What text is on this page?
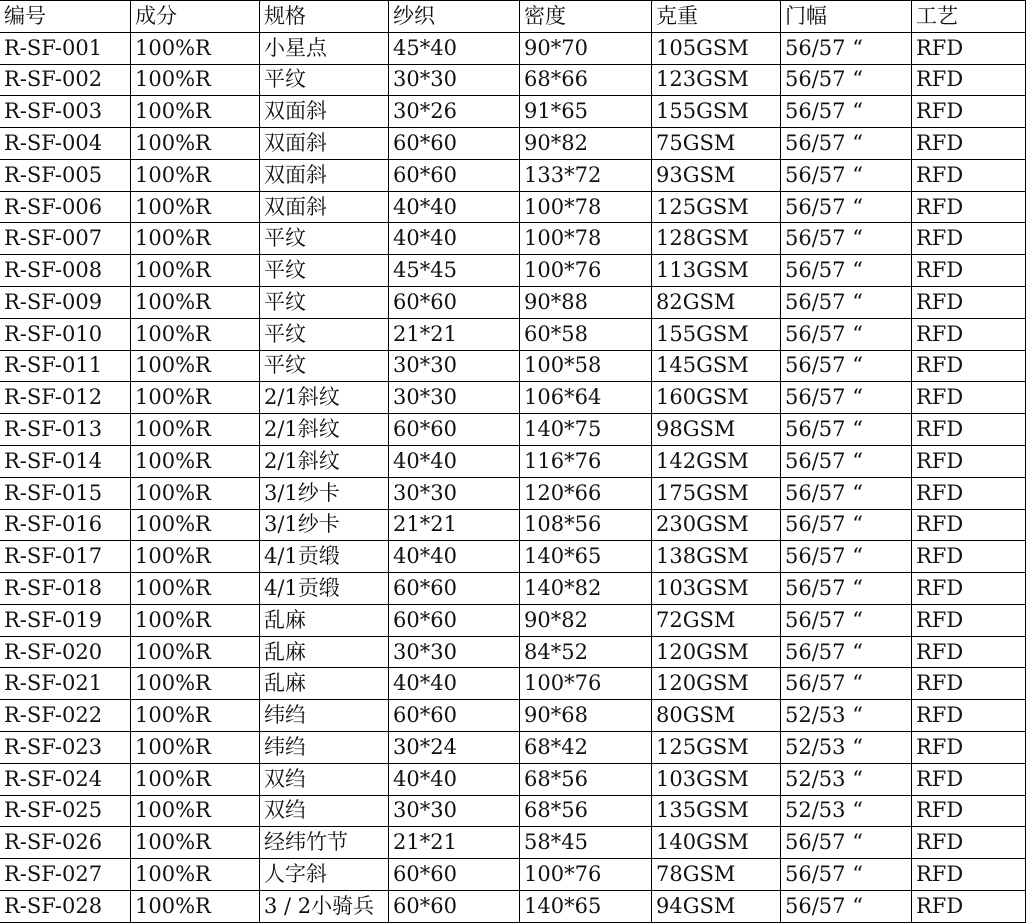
编号	成分	规格	纱织	密度	克重	门幅	工艺
R-SF-001	100%R	小星点	45*40	90*70	105GSM	56/57 “	RFD
R-SF-002	100%R	平纹	30*30	68*66	123GSM	56/57 “	RFD
R-SF-003	100%R	双面斜	30*26	91*65	155GSM	56/57 “	RFD
R-SF-004	100%R	双面斜	60*60	90*82	75GSM	56/57 “	RFD
R-SF-005	100%R	双面斜	60*60	133*72	93GSM	56/57 “	RFD
R-SF-006	100%R	双面斜	40*40	100*78	125GSM	56/57 “	RFD
R-SF-007	100%R	平纹	40*40	100*78	128GSM	56/57 “	RFD
R-SF-008	100%R	平纹	45*45	100*76	113GSM	56/57 “	RFD
R-SF-009	100%R	平纹	60*60	90*88	82GSM	56/57 “	RFD
R-SF-010	100%R	平纹	21*21	60*58	155GSM	56/57 “	RFD
R-SF-011	100%R	平纹	30*30	100*58	145GSM	56/57 “	RFD
R-SF-012	100%R	2/1斜纹	30*30	106*64	160GSM	56/57 “	RFD
R-SF-013	100%R	2/1斜纹	60*60	140*75	98GSM	56/57 “	RFD
R-SF-014	100%R	2/1斜纹	40*40	116*76	142GSM	56/57 “	RFD
R-SF-015	100%R	3/1纱卡	30*30	120*66	175GSM	56/57 “	RFD
R-SF-016	100%R	3/1纱卡	21*21	108*56	230GSM	56/57 “	RFD
R-SF-017	100%R	4/1贡缎	40*40	140*65	138GSM	56/57 “	RFD
R-SF-018	100%R	4/1贡缎	60*60	140*82	103GSM	56/57 “	RFD
R-SF-019	100%R	乱麻	60*60	90*82	72GSM	56/57 “	RFD
R-SF-020	100%R	乱麻	30*30	84*52	120GSM	56/57 “	RFD
R-SF-021	100%R	乱麻	40*40	100*76	120GSM	56/57 “	RFD
R-SF-022	100%R	纬绉	60*60	90*68	80GSM	52/53 “	RFD
R-SF-023	100%R	纬绉	30*24	68*42	125GSM	52/53 “	RFD
R-SF-024	100%R	双绉	40*40	68*56	103GSM	52/53 “	RFD
R-SF-025	100%R	双绉	30*30	68*56	135GSM	52/53 “	RFD
R-SF-026	100%R	经纬竹节	21*21	58*45	140GSM	56/57 “	RFD
R-SF-027	100%R	人字斜	60*60	100*76	78GSM	56/57 “	RFD
R-SF-028	100%R	3 / 2小骑兵 60*60	140*65	94GSM	56/57 “	RFD
